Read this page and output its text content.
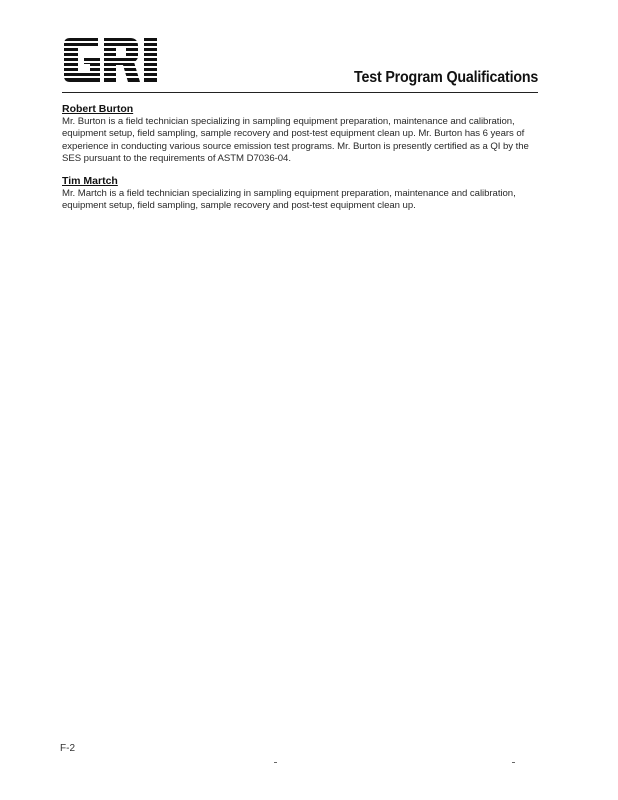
Test Program Qualifications
Robert Burton
Mr. Burton is a field technician specializing in sampling equipment preparation, maintenance and calibration, equipment setup, field sampling, sample recovery and post-test equipment clean up. Mr. Burton has 6 years of experience in conducting various source emission test programs. Mr. Burton is presently certified as a QI by the SES pursuant to the requirements of ASTM D7036-04.
Tim Martch
Mr. Martch is a field technician specializing in sampling equipment preparation, maintenance and calibration, equipment setup, field sampling, sample recovery and post-test equipment clean up.
F-2
